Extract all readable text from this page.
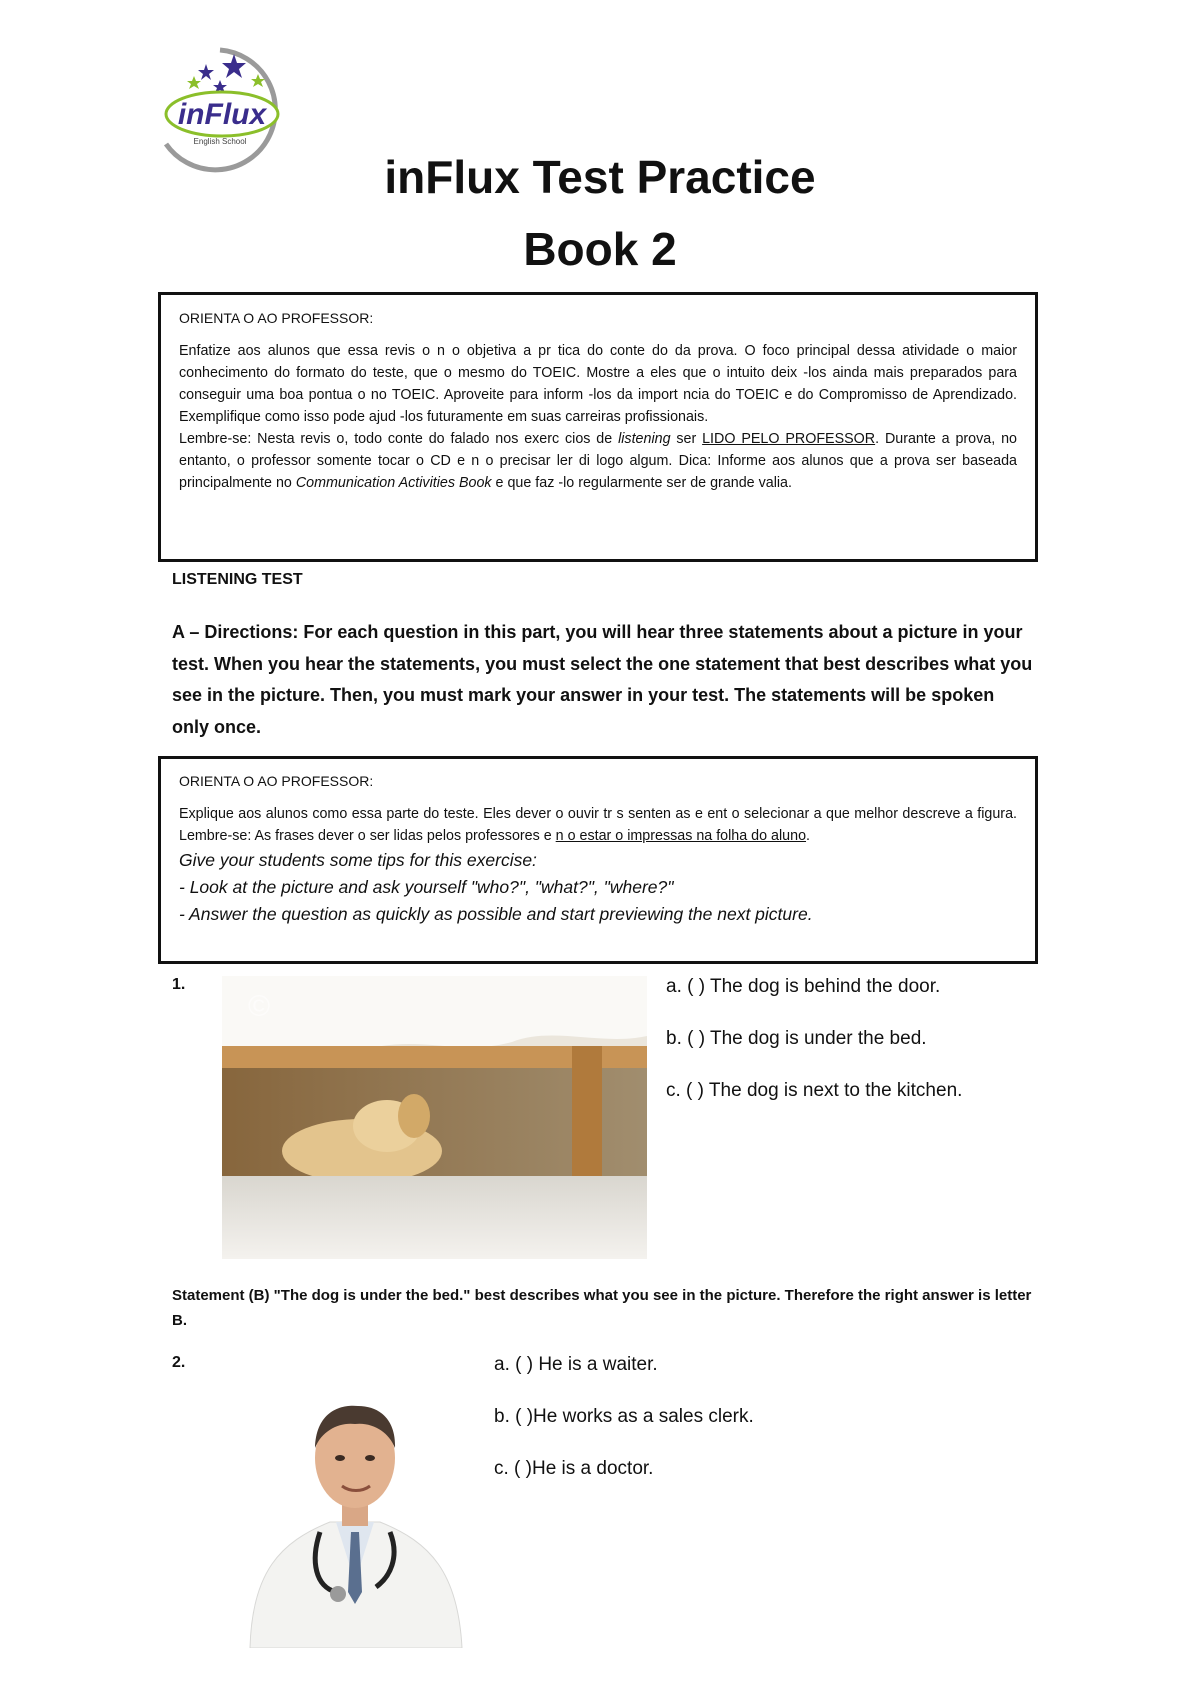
inFlux
English School
inFlux Test Practice
Book 2
ORIENTA O AO PROFESSOR:

Enfatize aos alunos que essa revis o n o objetiva a pr tica do conte do da prova. O foco principal dessa atividade o maior conhecimento do formato do teste, que o mesmo do TOEIC. Mostre a eles que o intuito deix -los ainda mais preparados para conseguir uma boa pontua o no TOEIC. Aproveite para inform -los da import ncia do TOEIC e do Compromisso de Aprendizado. Exemplifique como isso pode ajud -los futuramente em suas carreiras profissionais.

Lembre-se: Nesta revis o, todo conte do falado nos exerc cios de listening ser LIDO PELO PROFESSOR. Durante a prova, no entanto, o professor somente tocar o CD e n o precisar ler di logo algum. Dica: Informe aos alunos que a prova ser baseada principalmente no Communication Activities Book e que faz -lo regularmente ser de grande valia.

LISTENING TEST
A – Directions: For each question in this part, you will hear three statements about a picture in your test. When you hear the statements, you must select the one statement that best describes what you see in the picture. Then, you must mark your answer in your test. The statements will be spoken only once.
ORIENTA O AO PROFESSOR:

Explique aos alunos como essa parte do teste. Eles dever o ouvir tr s senten as e ent o selecionar a que melhor descreve a figura. Lembre-se: As frases dever o ser lidas pelos professores e n o estar o impressas na folha do aluno.

Give your students some tips for this exercise:

- Look at the picture and ask yourself "who?", "what?", "where?"

- Answer the question as quickly as possible and start previewing the next picture.

1.
©
a. ( ) The dog is behind the door.
b. ( ) The dog is under the bed.
c. ( ) The dog is next to the kitchen.
Statement (B) "The dog is under the bed." best describes what you see in the picture. Therefore the right answer is letter B.
2.	a. ( ) He is a waiter.
b. ( )He works as a sales clerk.
c. ( )He is a doctor.
